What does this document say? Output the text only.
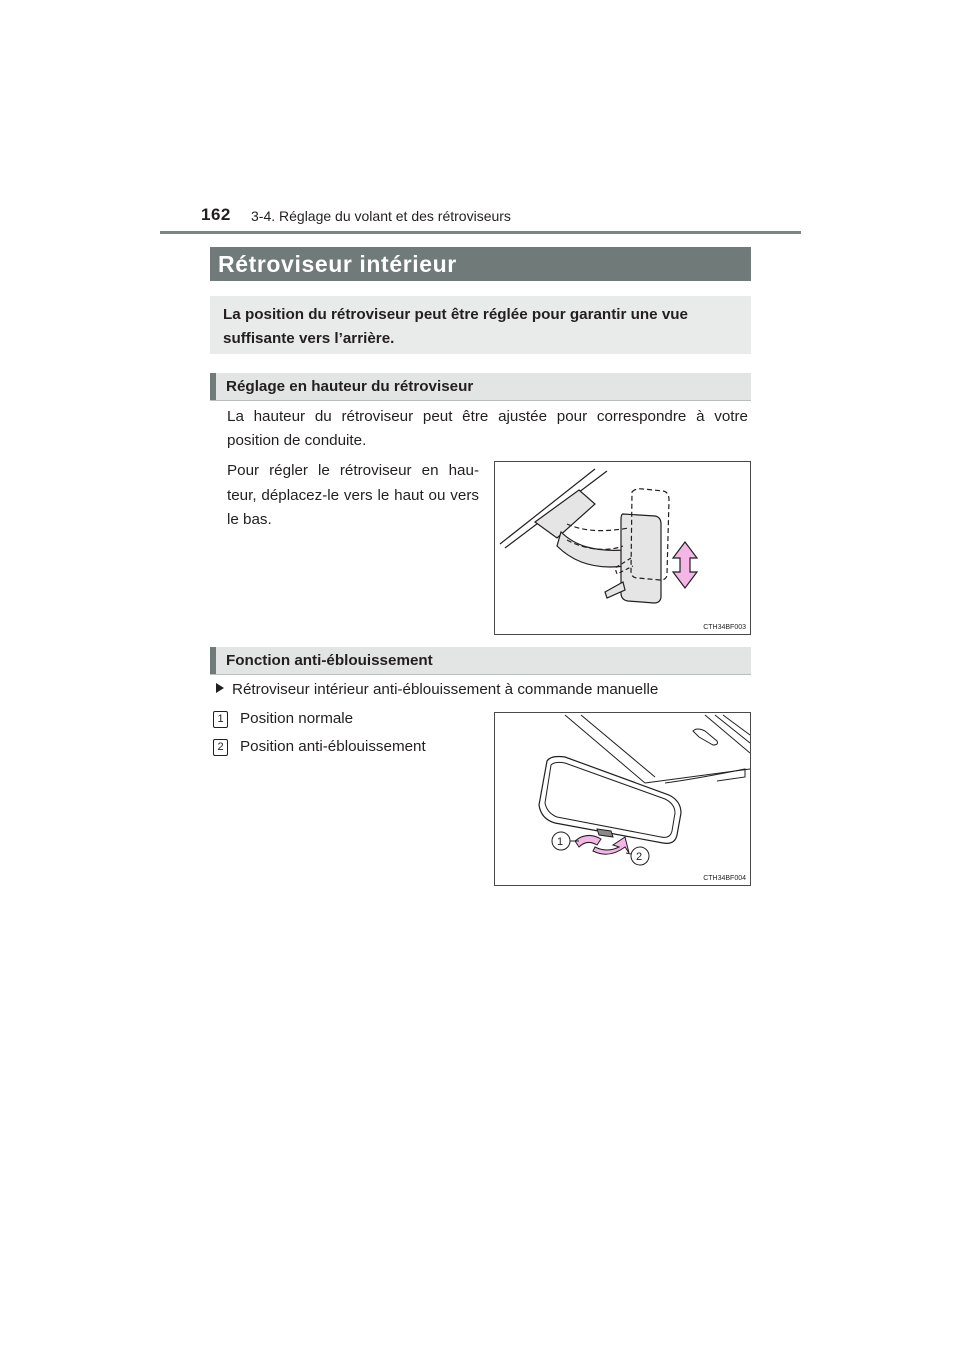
162 3-4. Réglage du volant et des rétroviseurs
Rétroviseur intérieur
La position du rétroviseur peut être réglée pour garantir une vue
suffisante vers l’arrière.
Réglage en hauteur du rétroviseur
La hauteur du rétroviseur peut être ajustée pour correspondre à votre position de conduite.
Pour régler le rétroviseur en hau-teur, déplacez-le vers le haut ou vers le bas.
CTH34BF003
Fonction anti-éblouissement
Rétroviseur intérieur anti-éblouissement à commande manuelle
1 Position normale
2 Position anti-éblouissement
1
2
CTH34BF004
